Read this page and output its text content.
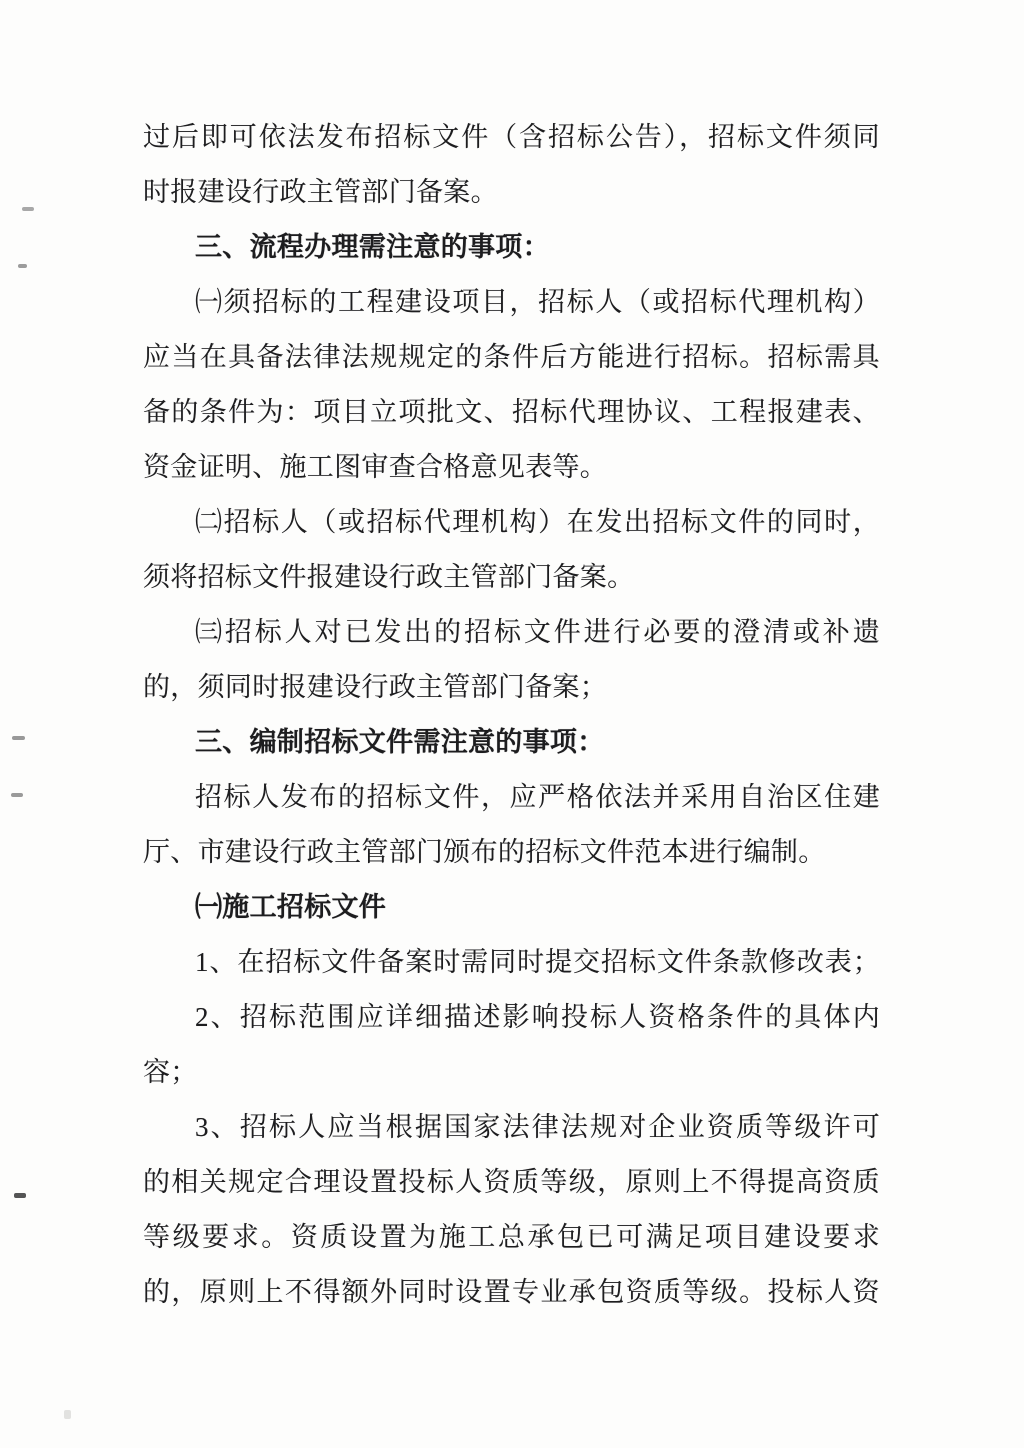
过后即可依法发布招标文件（含招标公告），招标文件须同
时报建设行政主管部门备案。
三、流程办理需注意的事项：
㈠须招标的工程建设项目，招标人（或招标代理机构）
应当在具备法律法规规定的条件后方能进行招标。招标需具
备的条件为：项目立项批文、招标代理协议、工程报建表、
资金证明、施工图审查合格意见表等。
㈡招标人（或招标代理机构）在发出招标文件的同时，
须将招标文件报建设行政主管部门备案。
㈢招标人对已发出的招标文件进行必要的澄清或补遗
的，须同时报建设行政主管部门备案；
三、编制招标文件需注意的事项：
招标人发布的招标文件，应严格依法并采用自治区住建
厅、市建设行政主管部门颁布的招标文件范本进行编制。
㈠施工招标文件
1、在招标文件备案时需同时提交招标文件条款修改表；
2、招标范围应详细描述影响投标人资格条件的具体内
容；
3、招标人应当根据国家法律法规对企业资质等级许可
的相关规定合理设置投标人资质等级，原则上不得提高资质
等级要求。资质设置为施工总承包已可满足项目建设要求
的，原则上不得额外同时设置专业承包资质等级。投标人资
